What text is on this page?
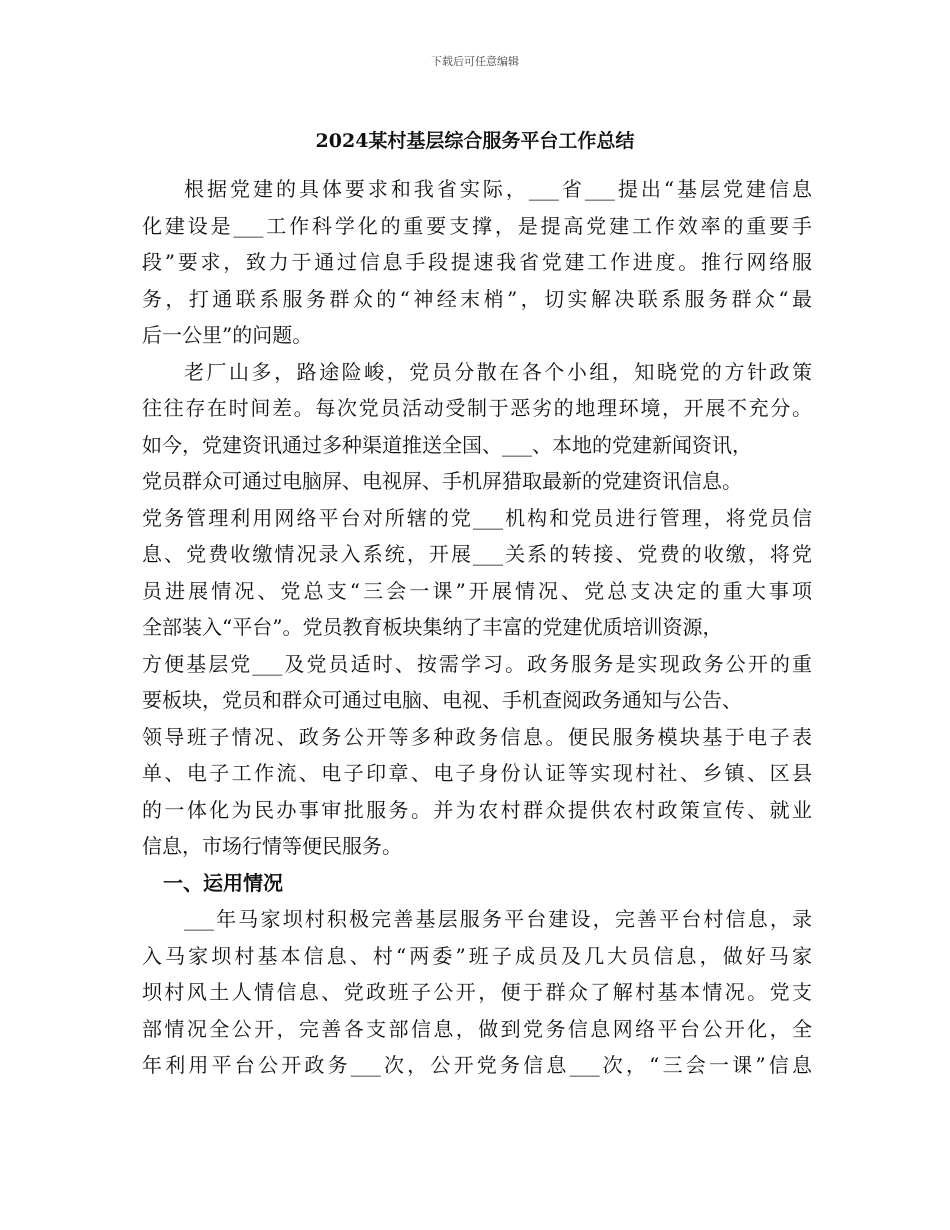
下载后可任意编辑
2024某村基层综合服务平台工作总结
根据党建的具体要求和我省实际，___省___提出“基层党建信息
化建设是___工作科学化的重要支撑，是提高党建工作效率的重要手
段”要求，致力于通过信息手段提速我省党建工作进度。推行网络服
务，打通联系服务群众的“神经末梢”，切实解决联系服务群众“最
后一公里”的问题。
老厂山多，路途险峻，党员分散在各个小组，知晓党的方针政策
往往存在时间差。每次党员活动受制于恶劣的地理环境，开展不充分。
如今，党建资讯通过多种渠道推送全国、___、本地的党建新闻资讯，
党员群众可通过电脑屏、电视屏、手机屏猎取最新的党建资讯信息。
党务管理利用网络平台对所辖的党___机构和党员进行管理，将党员信
息、党费收缴情况录入系统，开展___关系的转接、党费的收缴，将党
员进展情况、党总支“三会一课”开展情况、党总支决定的重大事项
全部装入“平台”。党员教育板块集纳了丰富的党建优质培训资源，
方便基层党___及党员适时、按需学习。政务服务是实现政务公开的重
要板块，党员和群众可通过电脑、电视、手机查阅政务通知与公告、
领导班子情况、政务公开等多种政务信息。便民服务模块基于电子表
单、电子工作流、电子印章、电子身份认证等实现村社、乡镇、区县
的一体化为民办事审批服务。并为农村群众提供农村政策宣传、就业
信息，市场行情等便民服务。
一、运用情况
___年马家坝村积极完善基层服务平台建设，完善平台村信息，录
入马家坝村基本信息、村“两委”班子成员及几大员信息，做好马家
坝村风土人情信息、党政班子公开，便于群众了解村基本情况。党支
部情况全公开，完善各支部信息，做到党务信息网络平台公开化，全
年利用平台公开政务___次，公开党务信息___次，“三会一课”信息
